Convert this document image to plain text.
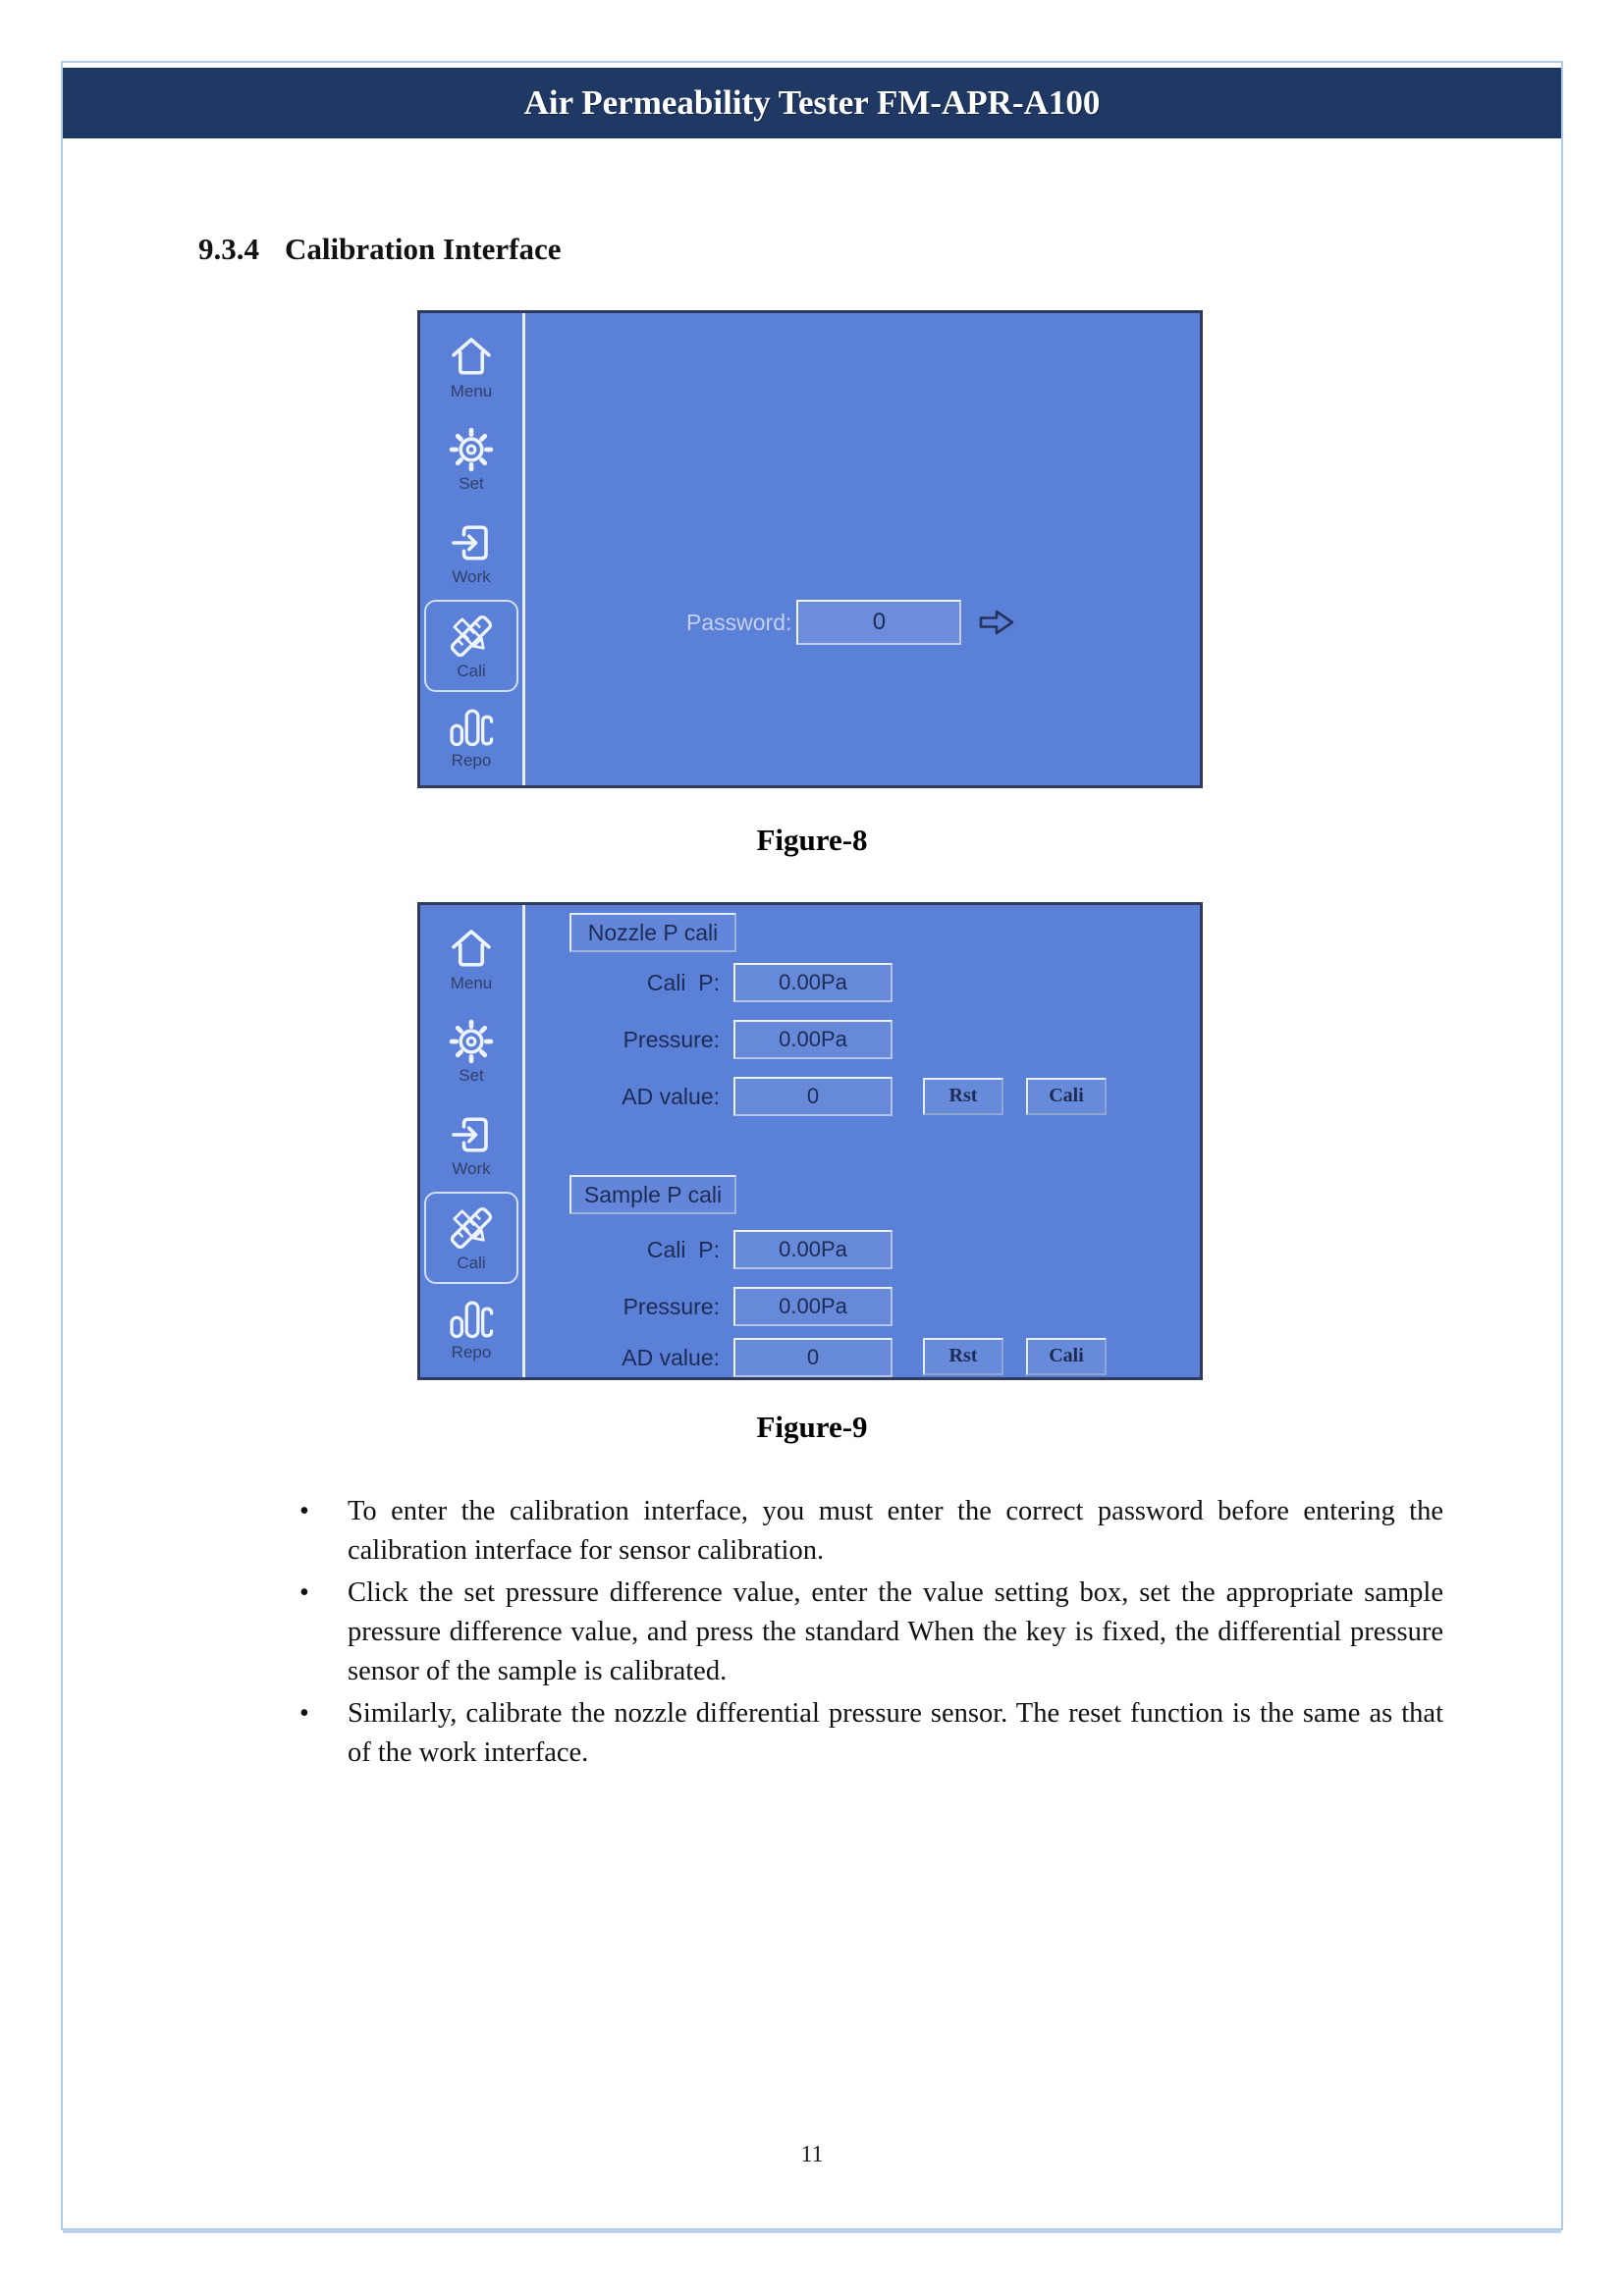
Air Permeability Tester FM-APR-A100
9.3.4 Calibration Interface
Menu
Set
Work
Cali
Repo
Password:	0
Figure-8
Menu
Set
Work
Cali
Repo
Nozzle P cali
Cali  P:	0.00Pa
Pressure:	0.00Pa
AD value:	0	Rst	Cali
Sample P cali
Cali  P:	0.00Pa
Pressure:	0.00Pa
AD value:	0	Rst	Cali
Figure-9
• To enter the calibration interface, you must enter the correct password before entering the calibration interface for sensor calibration.
• Click the set pressure difference value, enter the value setting box, set the appropriate sample pressure difference value, and press the standard When the key is fixed, the differential pressure sensor of the sample is calibrated.
• Similarly, calibrate the nozzle differential pressure sensor. The reset function is the same as that of the work interface.
11
